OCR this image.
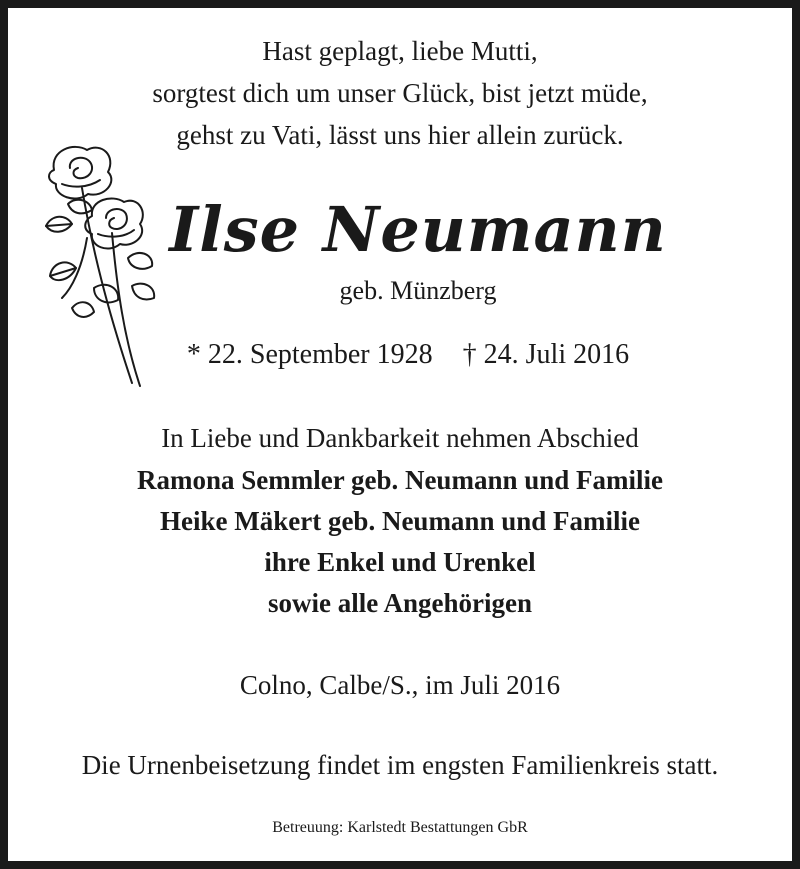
Hast geplagt, liebe Mutti,
sorgtest dich um unser Glück, bist jetzt müde,
gehst zu Vati, lässt uns hier allein zurück.
Ilse Neumann
geb. Münzberg
* 22. September 1928 † 24. Juli 2016
In Liebe und Dankbarkeit nehmen Abschied
Ramona Semmler geb. Neumann und Familie
Heike Mäkert geb. Neumann und Familie
ihre Enkel und Urenkel
sowie alle Angehörigen
Colno, Calbe/S., im Juli 2016
Die Urnenbeisetzung findet im engsten Familienkreis statt.
Betreuung: Karlstedt Bestattungen GbR
